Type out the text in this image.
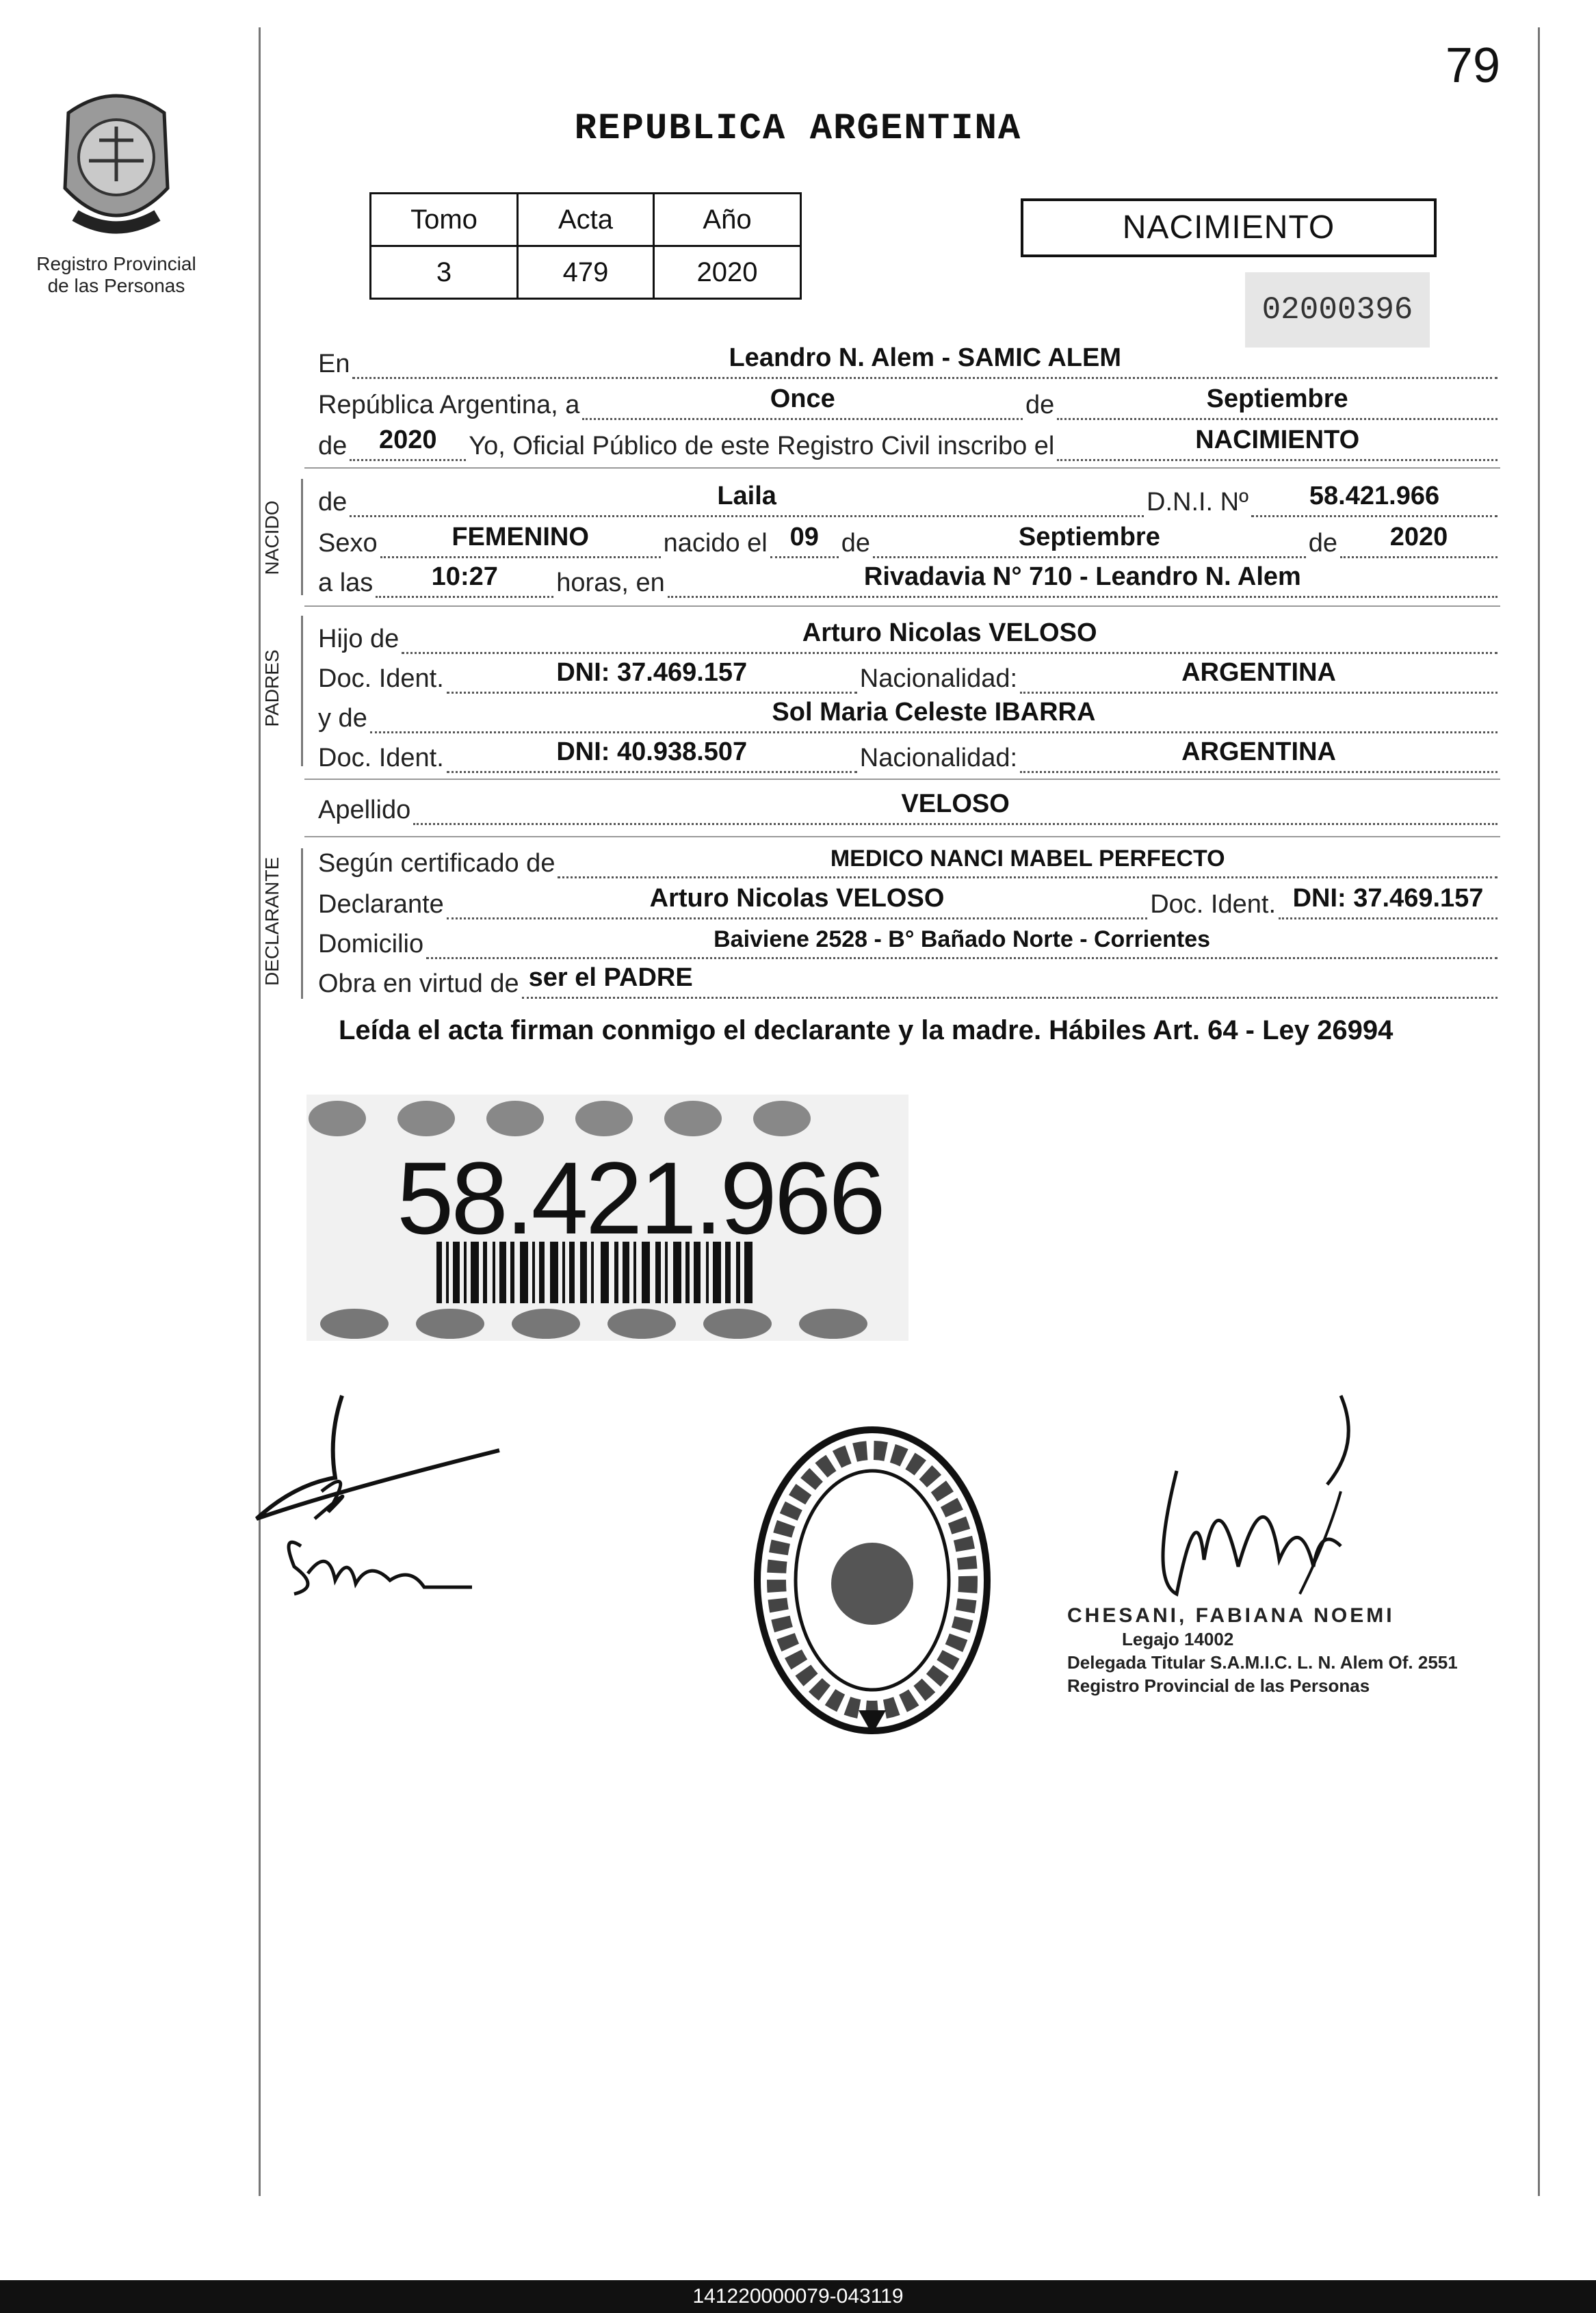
79
Registro Provincial
de las Personas
REPUBLICA ARGENTINA
Tomo	Acta	Año
3	479	2020
NACIMIENTO
02000396
En	Leandro N. Alem - SAMIC ALEM
República Argentina, a	Once	de	Septiembre
de	2020	Yo, Oficial Público de este Registro Civil inscribo el	NACIMIENTO
NACIDO de	Laila	D.N.I. Nº	58.421.966
Sexo	FEMENINO	nacido el 09 de	Septiembre	de	2020
a las	10:27	horas, en	Rivadavia N° 710 - Leandro N. Alem
PADRES
Hijo de	Arturo Nicolas VELOSO
Doc. Ident.	DNI: 37.469.157	Nacionalidad:	ARGENTINA
y de	Sol Maria Celeste IBARRA
Doc. Ident.	DNI: 40.938.507	Nacionalidad:	ARGENTINA
Apellido	VELOSO
DECLARANTE Según certificado de	MEDICO NANCI MABEL PERFECTO
Declarante	Arturo Nicolas VELOSO	Doc. Ident. DNI: 37.469.157
Domicilio	Baiviene 2528 - B° Bañado Norte - Corrientes
Obra en virtud de ser el PADRE
Leída el acta firman conmigo el declarante y la madre. Hábiles Art. 64 - Ley 26994
58.421.966
CHESANI, FABIANA NOEMI
Legajo 14002
Delegada Titular S.A.M.I.C. L. N. Alem Of. 2551
Registro Provincial de las Personas
141220000079-043119
